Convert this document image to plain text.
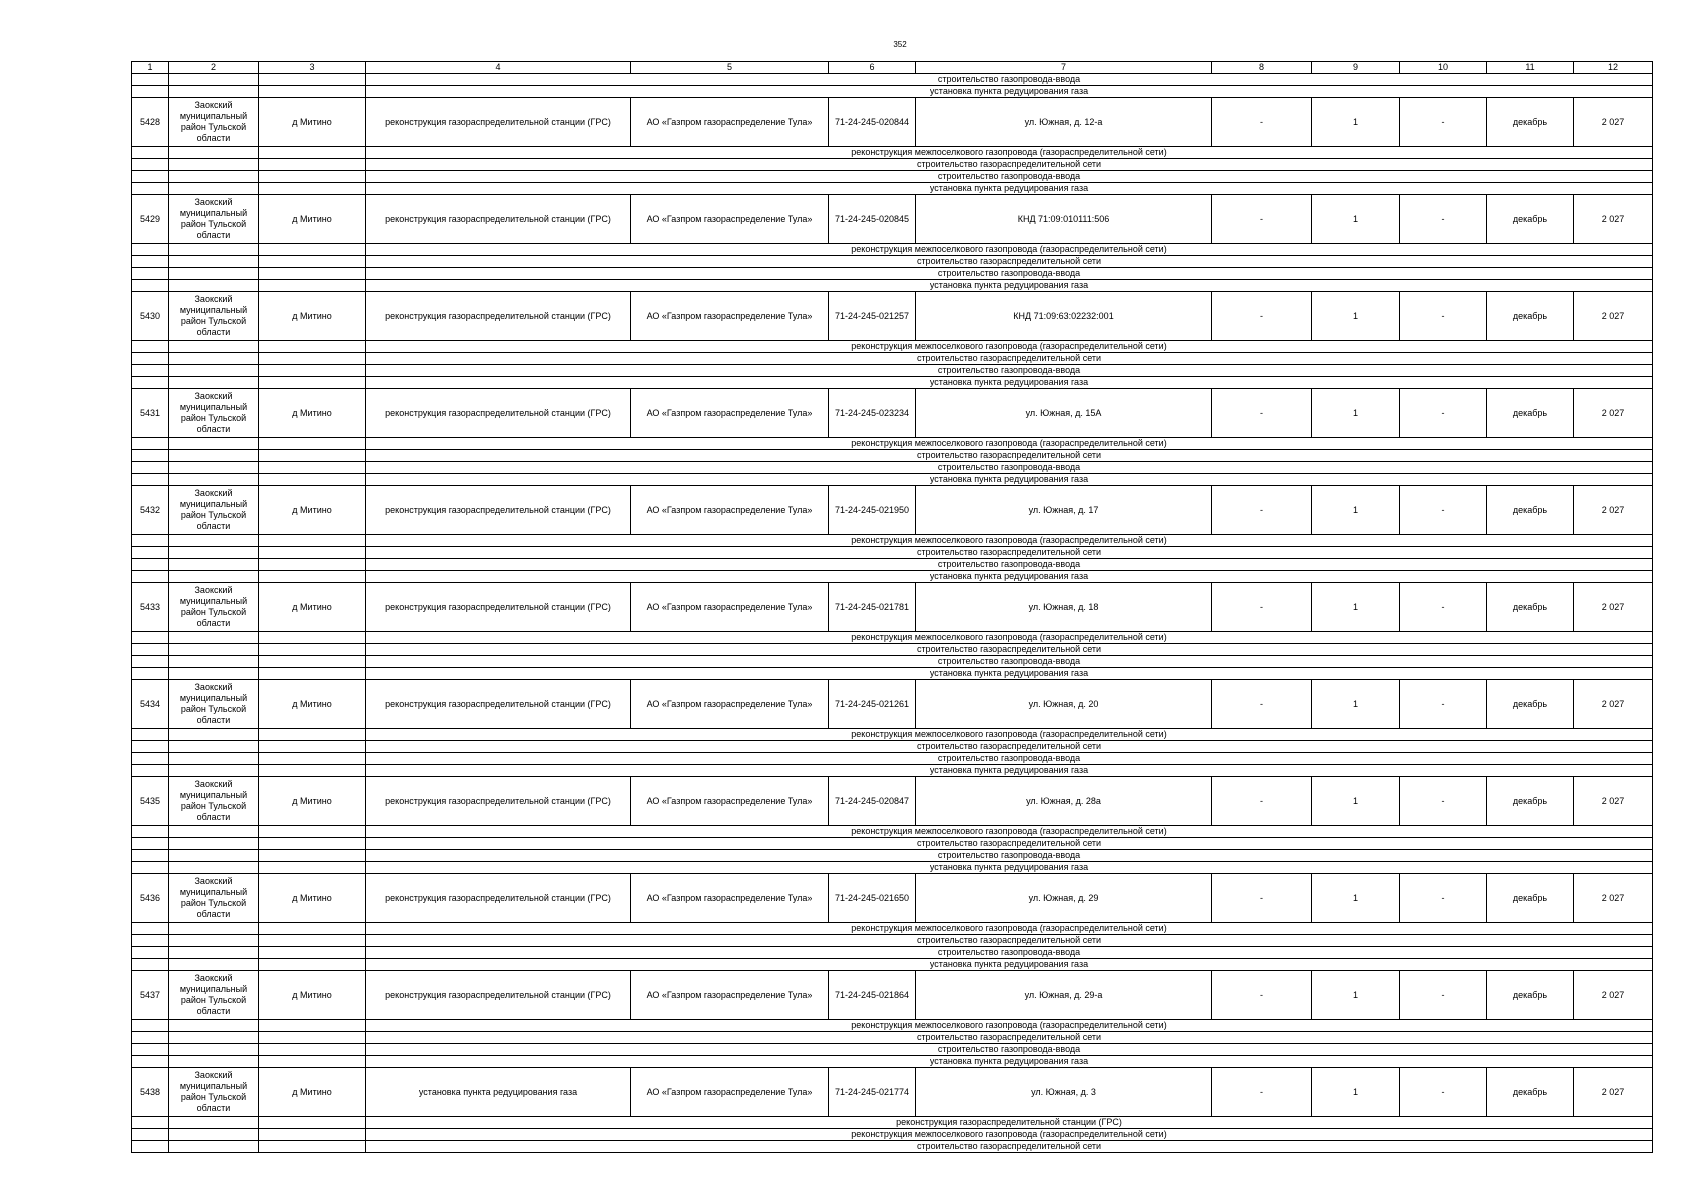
352
1	2	3	4	5	6	7	8	9	10	11	12
			строительство газопровода-ввода								
			установка пункта редуцирования газа								
5428	Заокский муниципальный район Тульской области	д Митино	реконструкция газораспределительной станции (ГРС)	АО «Газпром газораспределение Тула»	71-24-245-020844	ул. Южная, д. 12-а	-	1	-	декабрь	2 027
			реконструкция межпоселкового газопровода (газораспределительной сети)								
			строительство газораспределительной сети								
			строительство газопровода-ввода								
			установка пункта редуцирования газа								
5429	Заокский муниципальный район Тульской области	д Митино	реконструкция газораспределительной станции (ГРС)	АО «Газпром газораспределение Тула»	71-24-245-020845	КНД 71:09:010111:506	-	1	-	декабрь	2 027
			реконструкция межпоселкового газопровода (газораспределительной сети)								
			строительство газораспределительной сети								
			строительство газопровода-ввода								
			установка пункта редуцирования газа								
5430	Заокский муниципальный район Тульской области	д Митино	реконструкция газораспределительной станции (ГРС)	АО «Газпром газораспределение Тула»	71-24-245-021257	КНД 71:09:63:02232:001	-	1	-	декабрь	2 027
			реконструкция межпоселкового газопровода (газораспределительной сети)								
			строительство газораспределительной сети								
			строительство газопровода-ввода								
			установка пункта редуцирования газа								
5431	Заокский муниципальный район Тульской области	д Митино	реконструкция газораспределительной станции (ГРС)	АО «Газпром газораспределение Тула»	71-24-245-023234	ул. Южная, д. 15А	-	1	-	декабрь	2 027
			реконструкция межпоселкового газопровода (газораспределительной сети)								
			строительство газораспределительной сети								
			строительство газопровода-ввода								
			установка пункта редуцирования газа								
5432	Заокский муниципальный район Тульской области	д Митино	реконструкция газораспределительной станции (ГРС)	АО «Газпром газораспределение Тула»	71-24-245-021950	ул. Южная, д. 17	-	1	-	декабрь	2 027
			реконструкция межпоселкового газопровода (газораспределительной сети)								
			строительство газораспределительной сети								
			строительство газопровода-ввода								
			установка пункта редуцирования газа								
5433	Заокский муниципальный район Тульской области	д Митино	реконструкция газораспределительной станции (ГРС)	АО «Газпром газораспределение Тула»	71-24-245-021781	ул. Южная, д. 18	-	1	-	декабрь	2 027
			реконструкция межпоселкового газопровода (газораспределительной сети)								
			строительство газораспределительной сети								
			строительство газопровода-ввода								
			установка пункта редуцирования газа								
5434	Заокский муниципальный район Тульской области	д Митино	реконструкция газораспределительной станции (ГРС)	АО «Газпром газораспределение Тула»	71-24-245-021261	ул. Южная, д. 20	-	1	-	декабрь	2 027
			реконструкция межпоселкового газопровода (газораспределительной сети)								
			строительство газораспределительной сети								
			строительство газопровода-ввода								
			установка пункта редуцирования газа								
5435	Заокский муниципальный район Тульской области	д Митино	реконструкция газораспределительной станции (ГРС)	АО «Газпром газораспределение Тула»	71-24-245-020847	ул. Южная, д. 28а	-	1	-	декабрь	2 027
			реконструкция межпоселкового газопровода (газораспределительной сети)								
			строительство газораспределительной сети								
			строительство газопровода-ввода								
			установка пункта редуцирования газа								
5436	Заокский муниципальный район Тульской области	д Митино	реконструкция газораспределительной станции (ГРС)	АО «Газпром газораспределение Тула»	71-24-245-021650	ул. Южная, д. 29	-	1	-	декабрь	2 027
			реконструкция межпоселкового газопровода (газораспределительной сети)								
			строительство газораспределительной сети								
			строительство газопровода-ввода								
			установка пункта редуцирования газа								
5437	Заокский муниципальный район Тульской области	д Митино	реконструкция газораспределительной станции (ГРС)	АО «Газпром газораспределение Тула»	71-24-245-021864	ул. Южная, д. 29-а	-	1	-	декабрь	2 027
			реконструкция межпоселкового газопровода (газораспределительной сети)								
			строительство газораспределительной сети								
			строительство газопровода-ввода								
			установка пункта редуцирования газа								
5438	Заокский муниципальный район Тульской области	д Митино	установка пункта редуцирования газа	АО «Газпром газораспределение Тула»	71-24-245-021774	ул. Южная, д. 3	-	1	-	декабрь	2 027
			реконструкция газораспределительной станции (ГРС)								
			реконструкция межпоселкового газопровода (газораспределительной сети)								
			строительство газораспределительной сети								
